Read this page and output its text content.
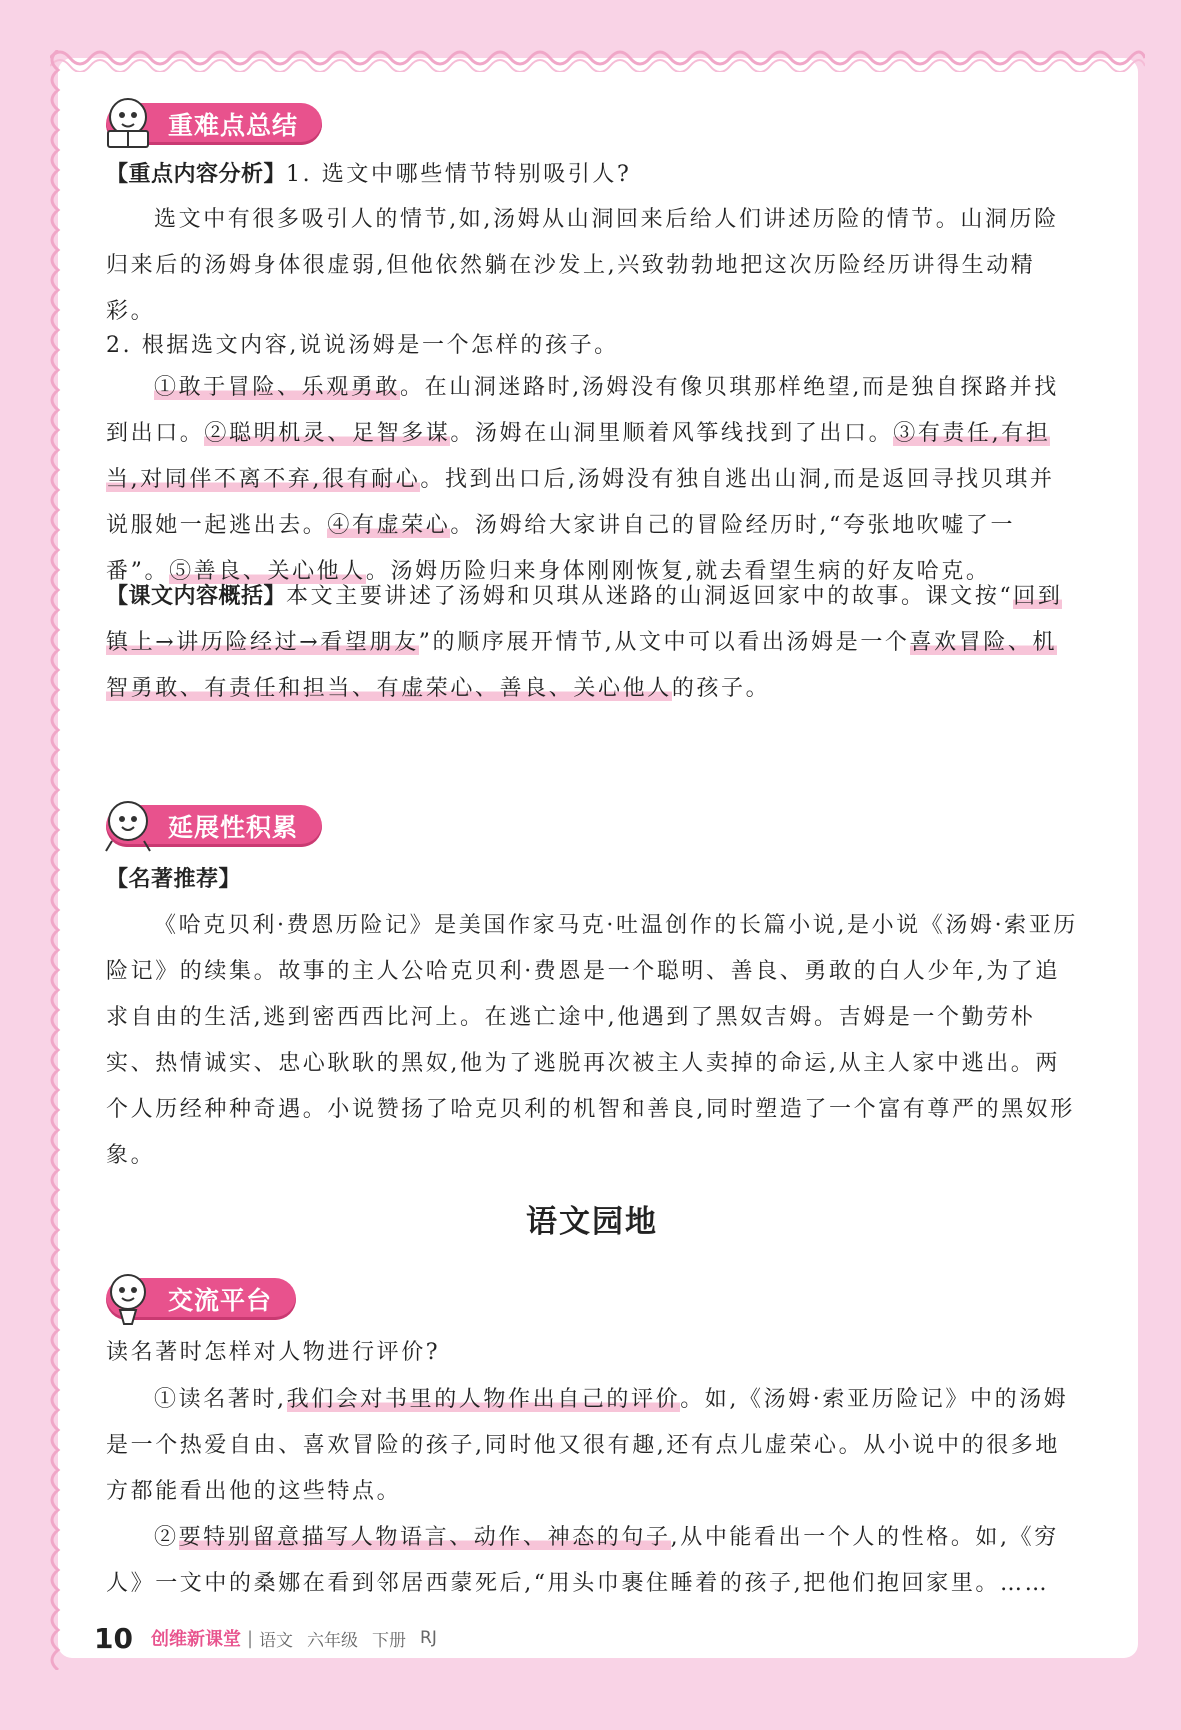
重难点总结
【重点内容分析】1. 选文中哪些情节特别吸引人?
选文中有很多吸引人的情节,如,汤姆从山洞回来后给人们讲述历险的情节。山洞历险归来后的汤姆身体很虚弱,但他依然躺在沙发上,兴致勃勃地把这次历险经历讲得生动精彩。
2. 根据选文内容,说说汤姆是一个怎样的孩子。
①敢于冒险、乐观勇敢。在山洞迷路时,汤姆没有像贝琪那样绝望,而是独自探路并找到出口。②聪明机灵、足智多谋。汤姆在山洞里顺着风筝线找到了出口。③有责任,有担当,对同伴不离不弃,很有耐心。找到出口后,汤姆没有独自逃出山洞,而是返回寻找贝琪并说服她一起逃出去。④有虚荣心。汤姆给大家讲自己的冒险经历时,“夸张地吹嘘了一番”。⑤善良、关心他人。汤姆历险归来身体刚刚恢复,就去看望生病的好友哈克。
【课文内容概括】本文主要讲述了汤姆和贝琪从迷路的山洞返回家中的故事。课文按“回到镇上→讲历险经过→看望朋友”的顺序展开情节,从文中可以看出汤姆是一个喜欢冒险、机智勇敢、有责任和担当、有虚荣心、善良、关心他人的孩子。
延展性积累
【名著推荐】
《哈克贝利·费恩历险记》是美国作家马克·吐温创作的长篇小说,是小说《汤姆·索亚历险记》的续集。故事的主人公哈克贝利·费恩是一个聪明、善良、勇敢的白人少年,为了追求自由的生活,逃到密西西比河上。在逃亡途中,他遇到了黑奴吉姆。吉姆是一个勤劳朴实、热情诚实、忠心耿耿的黑奴,他为了逃脱再次被主人卖掉的命运,从主人家中逃出。两个人历经种种奇遇。小说赞扬了哈克贝利的机智和善良,同时塑造了一个富有尊严的黑奴形象。
语文园地
交流平台
读名著时怎样对人物进行评价?
①读名著时,我们会对书里的人物作出自己的评价。如,《汤姆·索亚历险记》中的汤姆是一个热爱自由、喜欢冒险的孩子,同时他又很有趣,还有点儿虚荣心。从小说中的很多地方都能看出他的这些特点。
②要特别留意描写人物语言、动作、神态的句子,从中能看出一个人的性格。如,《穷人》一文中的桑娜在看到邻居西蒙死后,“用头巾裹住睡着的孩子,把他们抱回家里。……
10 创维新课堂 | 语文 六年级 下册 RJ
